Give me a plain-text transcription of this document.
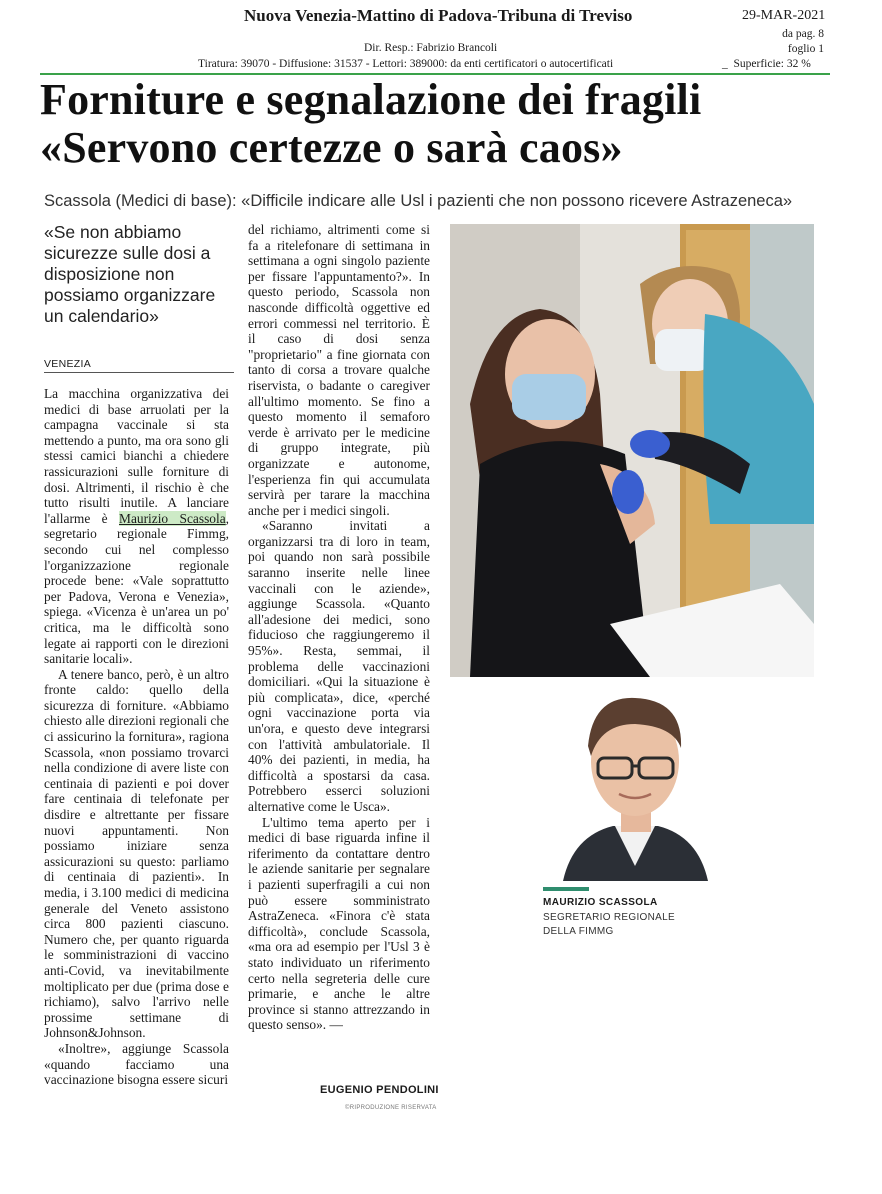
Nuova Venezia-Mattino di Padova-Tribuna di Treviso	29-MAR-2021
da pag. 8
foglio 1
Dir. Resp.: Fabrizio Brancoli
Tiratura: 39070 - Diffusione: 31537 - Lettori: 389000: da enti certificatori o autocertificati	_  Superficie: 32 %
Forniture e segnalazione dei fragili
«Servono certezze o sarà caos»
Scassola (Medici di base): «Difficile indicare alle Usl i pazienti che non possono ricevere Astrazeneca»
«Se non abbiamo sicurezze sulle dosi a disposizione non possiamo organizzare un calendario»
VENEZIA

La macchina organizzativa dei medici di base arruolati per la campagna vaccinale si sta mettendo a punto, ma ora sono gli stessi camici bianchi a chiedere rassicurazioni sulle forniture di dosi. Altrimenti, il rischio è che tutto risulti inutile. A lanciare l'allarme è Maurizio Scassola, segretario regionale Fimmg, secondo cui nel complesso l'organizzazione regionale procede bene: «Vale soprattutto per Padova, Verona e Venezia», spiega. «Vicenza è un'area un po' critica, ma le difficoltà sono legate ai rapporti con le direzioni sanitarie locali».

A tenere banco, però, è un altro fronte caldo: quello della sicurezza di forniture. «Abbiamo chiesto alle direzioni regionali che ci assicurino la fornitura», ragiona Scassola, «non possiamo trovarci nella condizione di avere liste con centinaia di pazienti e poi dover fare centinaia di telefonate per disdire e altrettante per fissare nuovi appuntamenti. Non possiamo iniziare senza assicurazioni su questo: parliamo di centinaia di pazienti». In media, i 3.100 medici di medicina generale del Veneto assistono circa 800 pazienti ciascuno. Numero che, per quanto riguarda le somministrazioni di vaccino anti-Covid, va inevitabilmente moltiplicato per due (prima dose e richiamo), salvo l'arrivo nelle prossime settimane di Johnson&Johnson.

«Inoltre», aggiunge Scassola «quando facciamo una vaccinazione bisogna essere sicuri

del richiamo, altrimenti come si fa a ritelefonare di settimana in settimana a ogni singolo paziente per fissare l'appuntamento?». In questo periodo, Scassola non nasconde difficoltà oggettive ed errori commessi nel territorio. È il caso di dosi senza "proprietario" a fine giornata con tanto di corsa a trovare qualche riservista, o badante o caregiver all'ultimo momento. Se fino a questo momento il semaforo verde è arrivato per le medicine di gruppo integrate, più organizzate e autonome, l'esperienza fin qui accumulata servirà per tarare la macchina anche per i medici singoli.

«Saranno invitati a organizzarsi tra di loro in team, poi quando non sarà possibile saranno inserite nelle linee vaccinali con le aziende», aggiunge Scassola. «Quanto all'adesione dei medici, sono fiducioso che raggiungeremo il 95%». Resta, semmai, il problema delle vaccinazioni domiciliari. «Qui la situazione è più complicata», dice, «perché ogni vaccinazione porta via un'ora, e questo deve integrarsi con l'attività ambulatoriale. Il 40% dei pazienti, in media, ha difficoltà a spostarsi da casa. Potrebbero esserci soluzioni alternative come le Usca».

L'ultimo tema aperto per i medici di base riguarda infine il riferimento da contattare dentro le aziende sanitarie per segnalare i pazienti superfragili a cui non può essere somministrato AstraZeneca. «Finora c'è stata difficoltà», conclude Scassola, «ma ora ad esempio per l'Usl 3 è stato individuato un riferimento certo nella segreteria delle cure primarie, e anche le altre province si stanno attrezzando in questo senso». —

EUGENIO PENDOLINI
©RIPRODUZIONE RISERVATA
MAURIZIO SCASSOLA
SEGRETARIO REGIONALE
DELLA FIMMG
